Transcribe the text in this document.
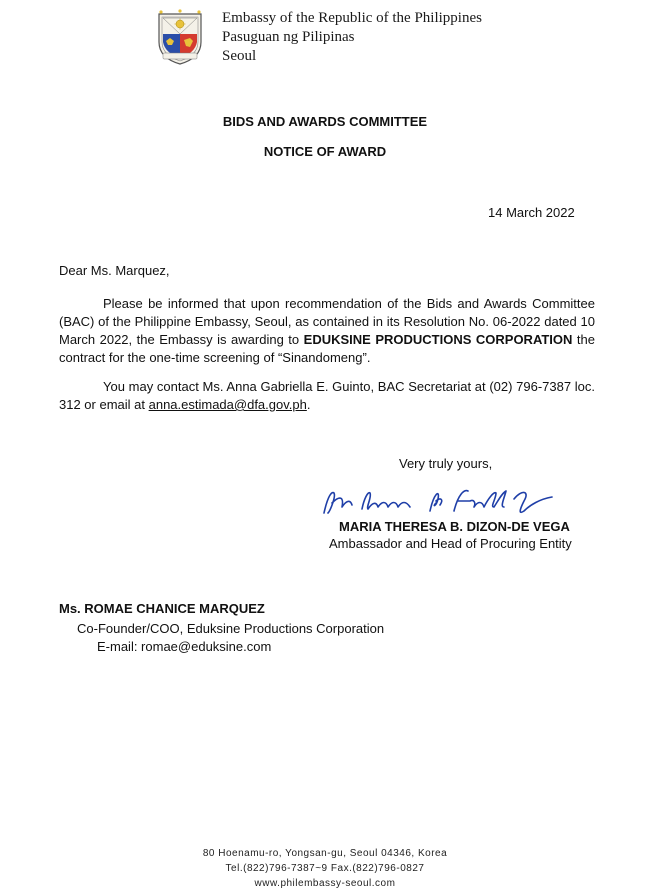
Embassy of the Republic of the Philippines
Pasuguan ng Pilipinas
Seoul
BIDS AND AWARDS COMMITTEE
NOTICE OF AWARD
14 March 2022
Dear Ms. Marquez,
Please be informed that upon recommendation of the Bids and Awards Committee (BAC) of the Philippine Embassy, Seoul, as contained in its Resolution No. 06-2022 dated 10 March 2022, the Embassy is awarding to EDUKSINE PRODUCTIONS CORPORATION the contract for the one-time screening of “Sinandomeng”.
You may contact Ms. Anna Gabriella E. Guinto, BAC Secretariat at (02) 796-7387 loc. 312 or email at anna.estimada@dfa.gov.ph.
Very truly yours,
MARIA THERESA B. DIZON-DE VEGA
Ambassador and Head of Procuring Entity
Ms. ROMAE CHANICE MARQUEZ
Co-Founder/COO, Eduksine Productions Corporation
E-mail: romae@eduksine.com
80 Hoenamu-ro, Yongsan-gu, Seoul 04346, Korea
Tel.(822)796-7387~9 Fax.(822)796-0827
www.philembassy-seoul.com
